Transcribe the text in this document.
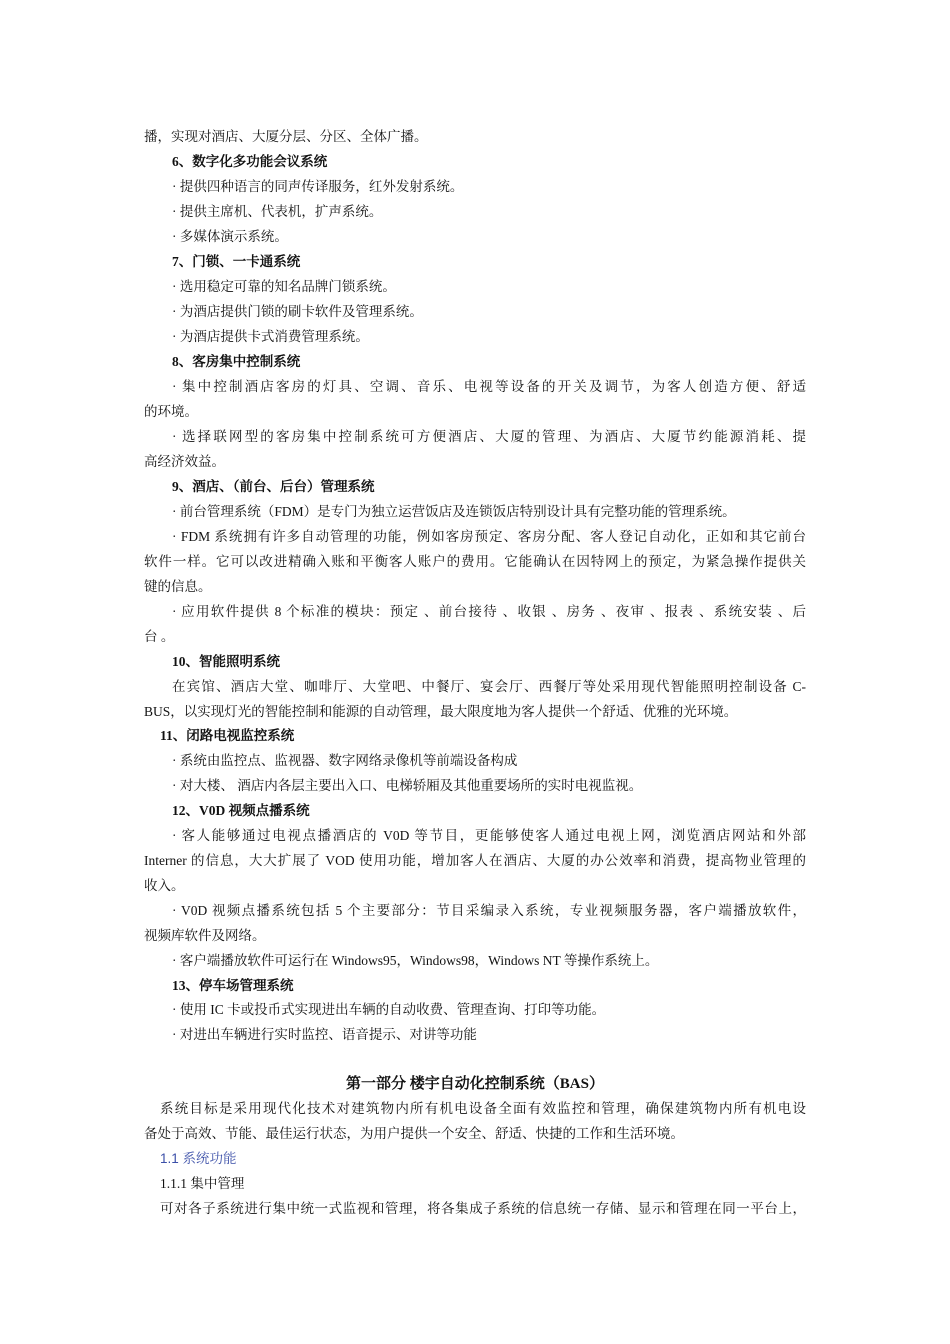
播，实现对酒店、大厦分层、分区、全体广播。
6、数字化多功能会议系统
· 提供四种语言的同声传译服务，红外发射系统。
· 提供主席机、代表机，扩声系统。
· 多媒体演示系统。
7、门锁、一卡通系统
· 选用稳定可靠的知名品牌门锁系统。
· 为酒店提供门锁的刷卡软件及管理系统。
· 为酒店提供卡式消费管理系统。
8、客房集中控制系统
· 集中控制酒店客房的灯具、空调、音乐、电视等设备的开关及调节，为客人创造方便、舒适
的环境。
· 选择联网型的客房集中控制系统可方便酒店、大厦的管理、为酒店、大厦节约能源消耗、提
高经济效益。
9、酒店、（前台、后台）管理系统
· 前台管理系统（FDM）是专门为独立运营饭店及连锁饭店特别设计具有完整功能的管理系统。
· FDM 系统拥有许多自动管理的功能，例如客房预定、客房分配、客人登记自动化，正如和其它前台
软件一样。它可以改进精确入账和平衡客人账户的费用。它能确认在因特网上的预定，为紧急操作提供关
键的信息。
· 应用软件提供 8 个标准的模块：预定 、前台接待 、收银 、房务 、夜审 、报表 、系统安装 、后
台 。
10、智能照明系统
在宾馆、酒店大堂、咖啡厅、大堂吧、中餐厅、宴会厅、西餐厅等处采用现代智能照明控制设备 C-
BUS，以实现灯光的智能控制和能源的自动管理，最大限度地为客人提供一个舒适、优雅的光环境。
11、闭路电视监控系统
· 系统由监控点、监视器、数字网络录像机等前端设备构成
· 对大楼、 酒店内各层主要出入口、电梯轿厢及其他重要场所的实时电视监视。
12、V0D 视频点播系统
· 客人能够通过电视点播酒店的 V0D 等节目，更能够使客人通过电视上网，浏览酒店网站和外部
Interner 的信息，大大扩展了 VOD 使用功能，增加客人在酒店、大厦的办公效率和消费，提高物业管理的
收入。
· V0D 视频点播系统包括 5 个主要部分：节目采编录入系统，专业视频服务器，客户端播放软件，
视频库软件及网络。
· 客户端播放软件可运行在 Windows95，Windows98，Windows NT 等操作系统上。
13、停车场管理系统
· 使用 IC 卡或投币式实现进出车辆的自动收费、管理查询、打印等功能。
· 对进出车辆进行实时监控、语音提示、对讲等功能
第一部分 楼宇自动化控制系统（BAS）
系统目标是采用现代化技术对建筑物内所有机电设备全面有效监控和管理，确保建筑物内所有机电设
备处于高效、节能、最佳运行状态，为用户提供一个安全、舒适、快捷的工作和生活环境。
1.1 系统功能
1.1.1 集中管理
可对各子系统进行集中统一式监视和管理，将各集成子系统的信息统一存储、显示和管理在同一平台上，
